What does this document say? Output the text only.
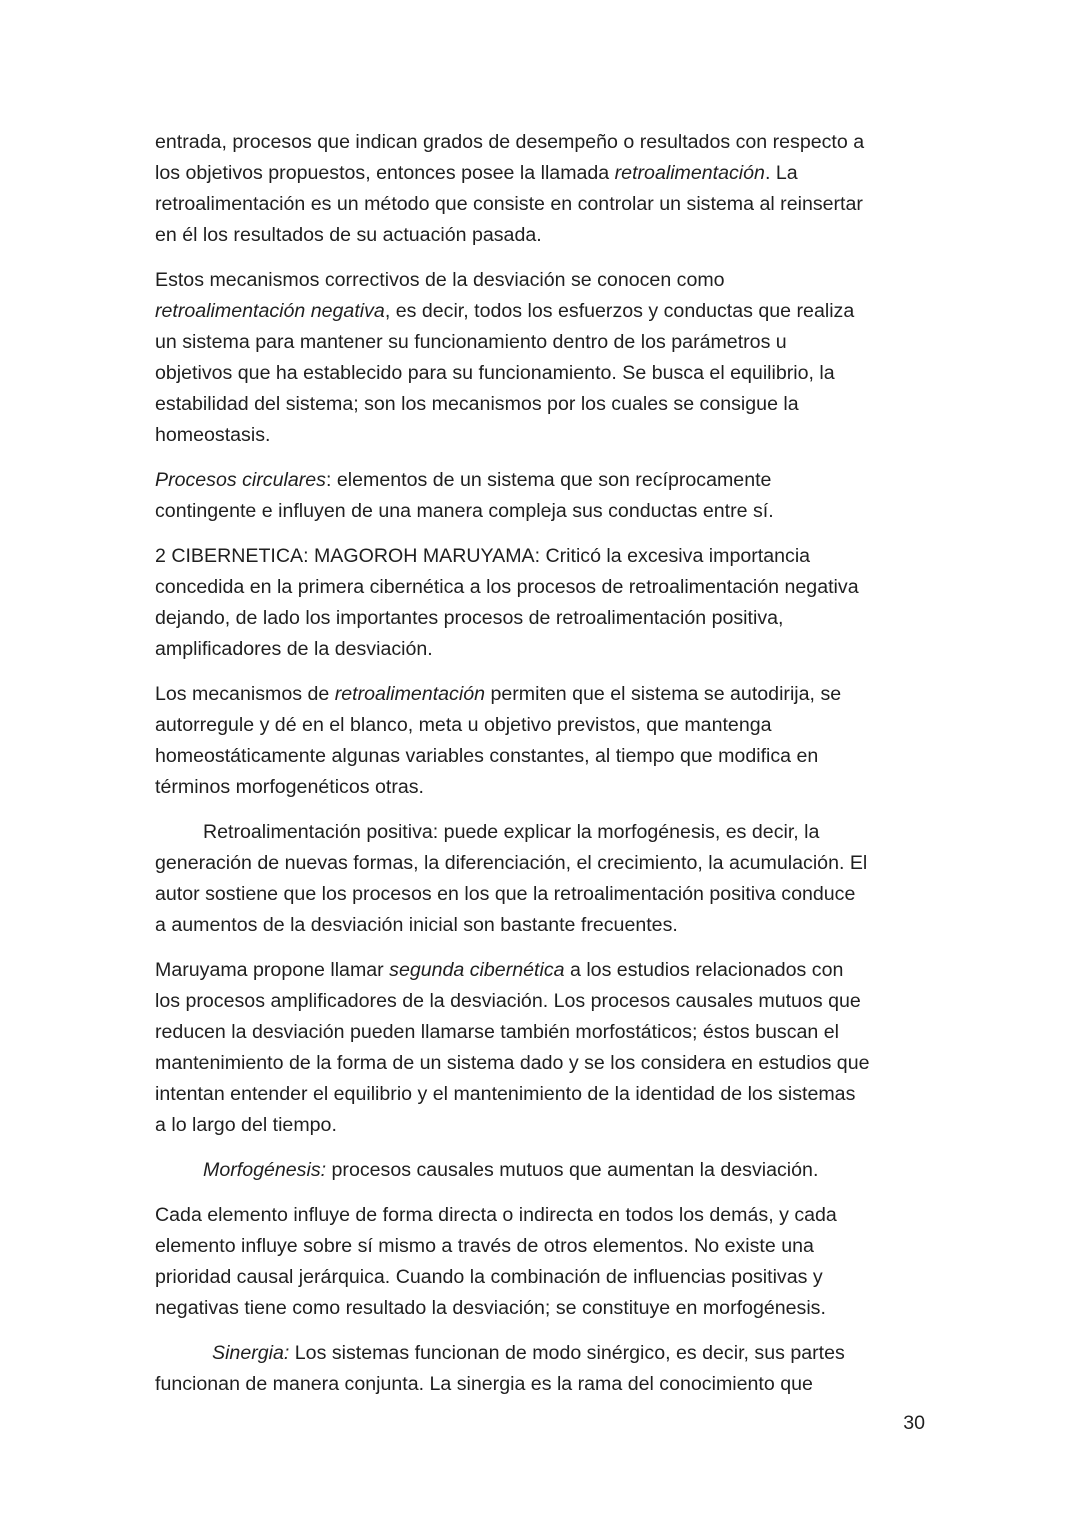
entrada, procesos que indican grados de desempeño o resultados con respecto a
los objetivos propuestos, entonces posee la llamada retroalimentación. La
retroalimentación es un método que consiste en controlar un sistema al reinsertar
en él los resultados de su actuación pasada.

Estos mecanismos correctivos de la desviación se conocen como
retroalimentación negativa, es decir, todos los esfuerzos y conductas que realiza
un sistema para mantener su funcionamiento dentro de los parámetros u
objetivos que ha establecido para su funcionamiento. Se busca el equilibrio, la
estabilidad del sistema; son los mecanismos por los cuales se consigue la
homeostasis.

Procesos circulares: elementos de un sistema que son recíprocamente
contingente e influyen de una manera compleja sus conductas entre sí.

2 CIBERNETICA: MAGOROH MARUYAMA: Criticó la excesiva importancia
concedida en la primera cibernética a los procesos de retroalimentación negativa
dejando, de lado los importantes procesos de retroalimentación positiva,
amplificadores de la desviación.

Los mecanismos de retroalimentación permiten que el sistema se autodirija, se
autorregule y dé en el blanco, meta u objetivo previstos, que mantenga
homeostáticamente algunas variables constantes, al tiempo que modifica en
términos morfogenéticos otras.

Retroalimentación positiva: puede explicar la morfogénesis, es decir, la
generación de nuevas formas, la diferenciación, el crecimiento, la acumulación. El
autor sostiene que los procesos en los que la retroalimentación positiva conduce
a aumentos de la desviación inicial son bastante frecuentes.

Maruyama propone llamar segunda cibernética a los estudios relacionados con
los procesos amplificadores de la desviación. Los procesos causales mutuos que
reducen la desviación pueden llamarse también morfostáticos; éstos buscan el
mantenimiento de la forma de un sistema dado y se los considera en estudios que
intentan entender el equilibrio y el mantenimiento de la identidad de los sistemas
a lo largo del tiempo.

Morfogénesis: procesos causales mutuos que aumentan la desviación.

Cada elemento influye de forma directa o indirecta en todos los demás, y cada
elemento influye sobre sí mismo a través de otros elementos. No existe una
prioridad causal jerárquica. Cuando la combinación de influencias positivas y
negativas tiene como resultado la desviación; se constituye en morfogénesis.

Sinergia: Los sistemas funcionan de modo sinérgico, es decir, sus partes
funcionan de manera conjunta. La sinergia es la rama del conocimiento que

30
